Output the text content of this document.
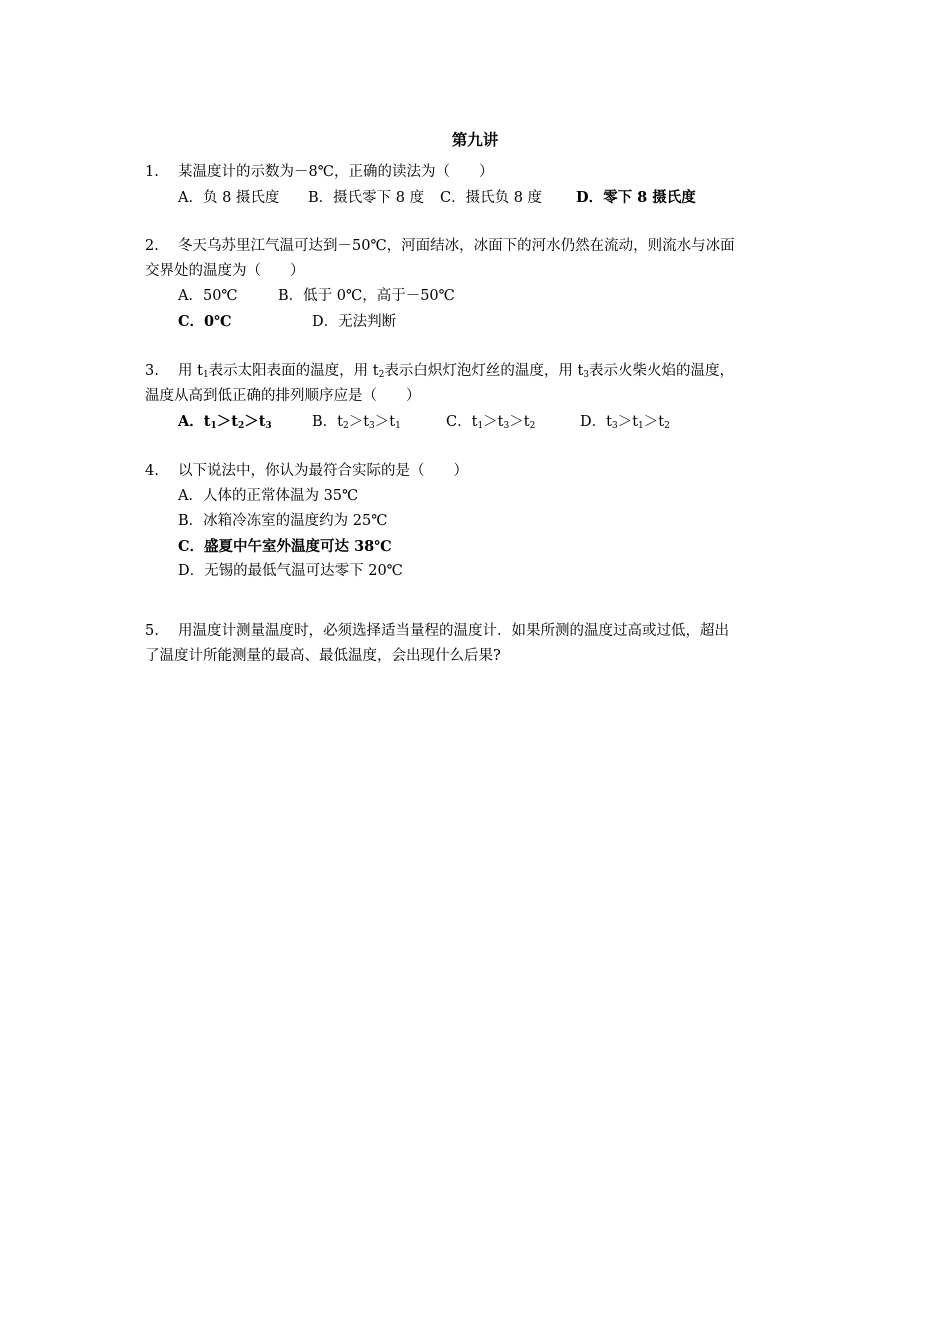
第九讲
1. 某温度计的示数为－8℃，正确的读法为（　　）
A．负 8 摄氏度 B．摄氏零下 8 度 C．摄氏负 8 度 D．零下 8 摄氏度
2. 冬天乌苏里江气温可达到－50℃，河面结冰，冰面下的河水仍然在流动，则流水与冰面
交界处的温度为（　　）
A．50℃	B．低于 0℃，高于－50℃
C．0℃	D．无法判断
3. 用 $t_1$表示太阳表面的温度，用 $t_2$表示白炽灯泡灯丝的温度，用 $t_3$表示火柴火焰的温度，
温度从高到低正确的排列顺序应是（　　）
A．$t_1>t_2>t_3$	B．$t_2>t_3>t_1$	C．$t_1>t_3>t_2$	D．$t_3>t_1>t_2$
4. 以下说法中，你认为最符合实际的是（　　）
A．人体的正常体温为 35℃
B．冰箱冷冻室的温度约为 25℃
C．盛夏中午室外温度可达 38℃
D．无锡的最低气温可达零下 20℃
5. 用温度计测量温度时，必须选择适当量程的温度计．如果所测的温度过高或过低，超出
了温度计所能测量的最高、最低温度，会出现什么后果?
